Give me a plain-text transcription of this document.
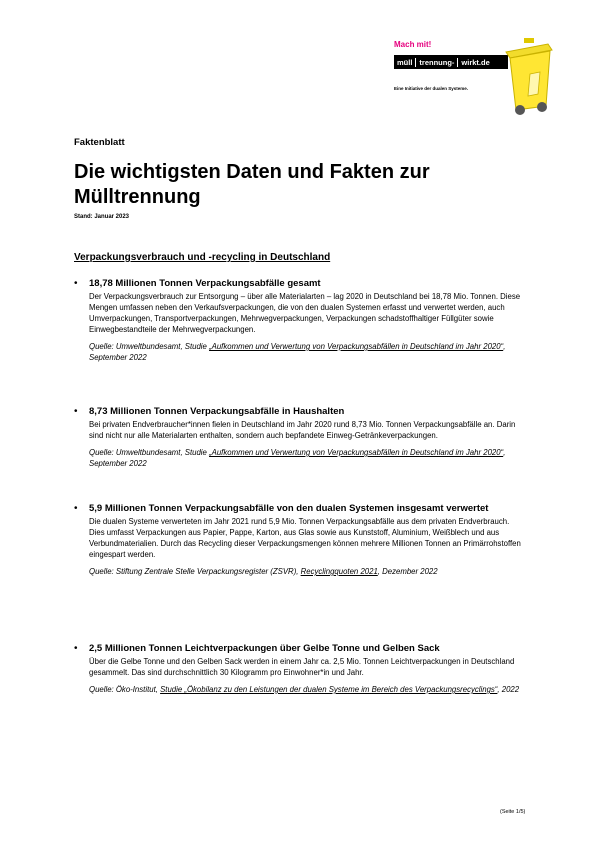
Mach mit!
müll trennung- wirkt.de
Eine Initiative der dualen Systeme.
Faktenblatt
Die wichtigsten Daten und Fakten zur Mülltrennung
Stand: Januar 2023
Verpackungsverbrauch und -recycling in Deutschland
• 18,78 Millionen Tonnen Verpackungsabfälle gesamt
Der Verpackungsverbrauch zur Entsorgung – über alle Materialarten – lag 2020 in Deutschland bei 18,78 Mio. Tonnen. Diese Mengen umfassen neben den Verkaufsverpackungen, die von den dualen Systemen erfasst und verwertet werden, auch Umverpackungen, Transportverpackungen, Mehrwegverpackungen, Verpackungen schadstoffhaltiger Füllgüter sowie Einwegbestandteile der Mehrwegverpackungen.
Quelle: Umweltbundesamt, Studie „Aufkommen und Verwertung von Verpackungsabfällen in Deutschland im Jahr 2020“, September 2022
• 8,73 Millionen Tonnen Verpackungsabfälle in Haushalten
Bei privaten Endverbraucher*innen fielen in Deutschland im Jahr 2020 rund 8,73 Mio. Tonnen Verpackungsabfälle an. Darin sind nicht nur alle Materialarten enthalten, sondern auch bepfandete Einweg-Getränkeverpackungen.
Quelle: Umweltbundesamt, Studie „Aufkommen und Verwertung von Verpackungsabfällen in Deutschland im Jahr 2020“, September 2022
• 5,9 Millionen Tonnen Verpackungsabfälle von den dualen Systemen insgesamt verwertet
Die dualen Systeme verwerteten im Jahr 2021 rund 5,9 Mio. Tonnen Verpackungsabfälle aus dem privaten Endverbrauch. Dies umfasst Verpackungen aus Papier, Pappe, Karton, aus Glas sowie aus Kunststoff, Aluminium, Weißblech und aus Verbundmaterialien. Durch das Recycling dieser Verpackungsmengen können mehrere Millionen Tonnen an Primärrohstoffen eingespart werden.
Quelle: Stiftung Zentrale Stelle Verpackungsregister (ZSVR), Recyclingquoten 2021, Dezember 2022
• 2,5 Millionen Tonnen Leichtverpackungen über Gelbe Tonne und Gelben Sack
Über die Gelbe Tonne und den Gelben Sack werden in einem Jahr ca. 2,5 Mio. Tonnen Leichtverpackungen in Deutschland gesammelt. Das sind durchschnittlich 30 Kilogramm pro Einwohner*in und Jahr.
Quelle: Öko-Institut, Studie „Ökobilanz zu den Leistungen der dualen Systeme im Bereich des Verpackungsrecyclings“, 2022
(Seite 1/5)
